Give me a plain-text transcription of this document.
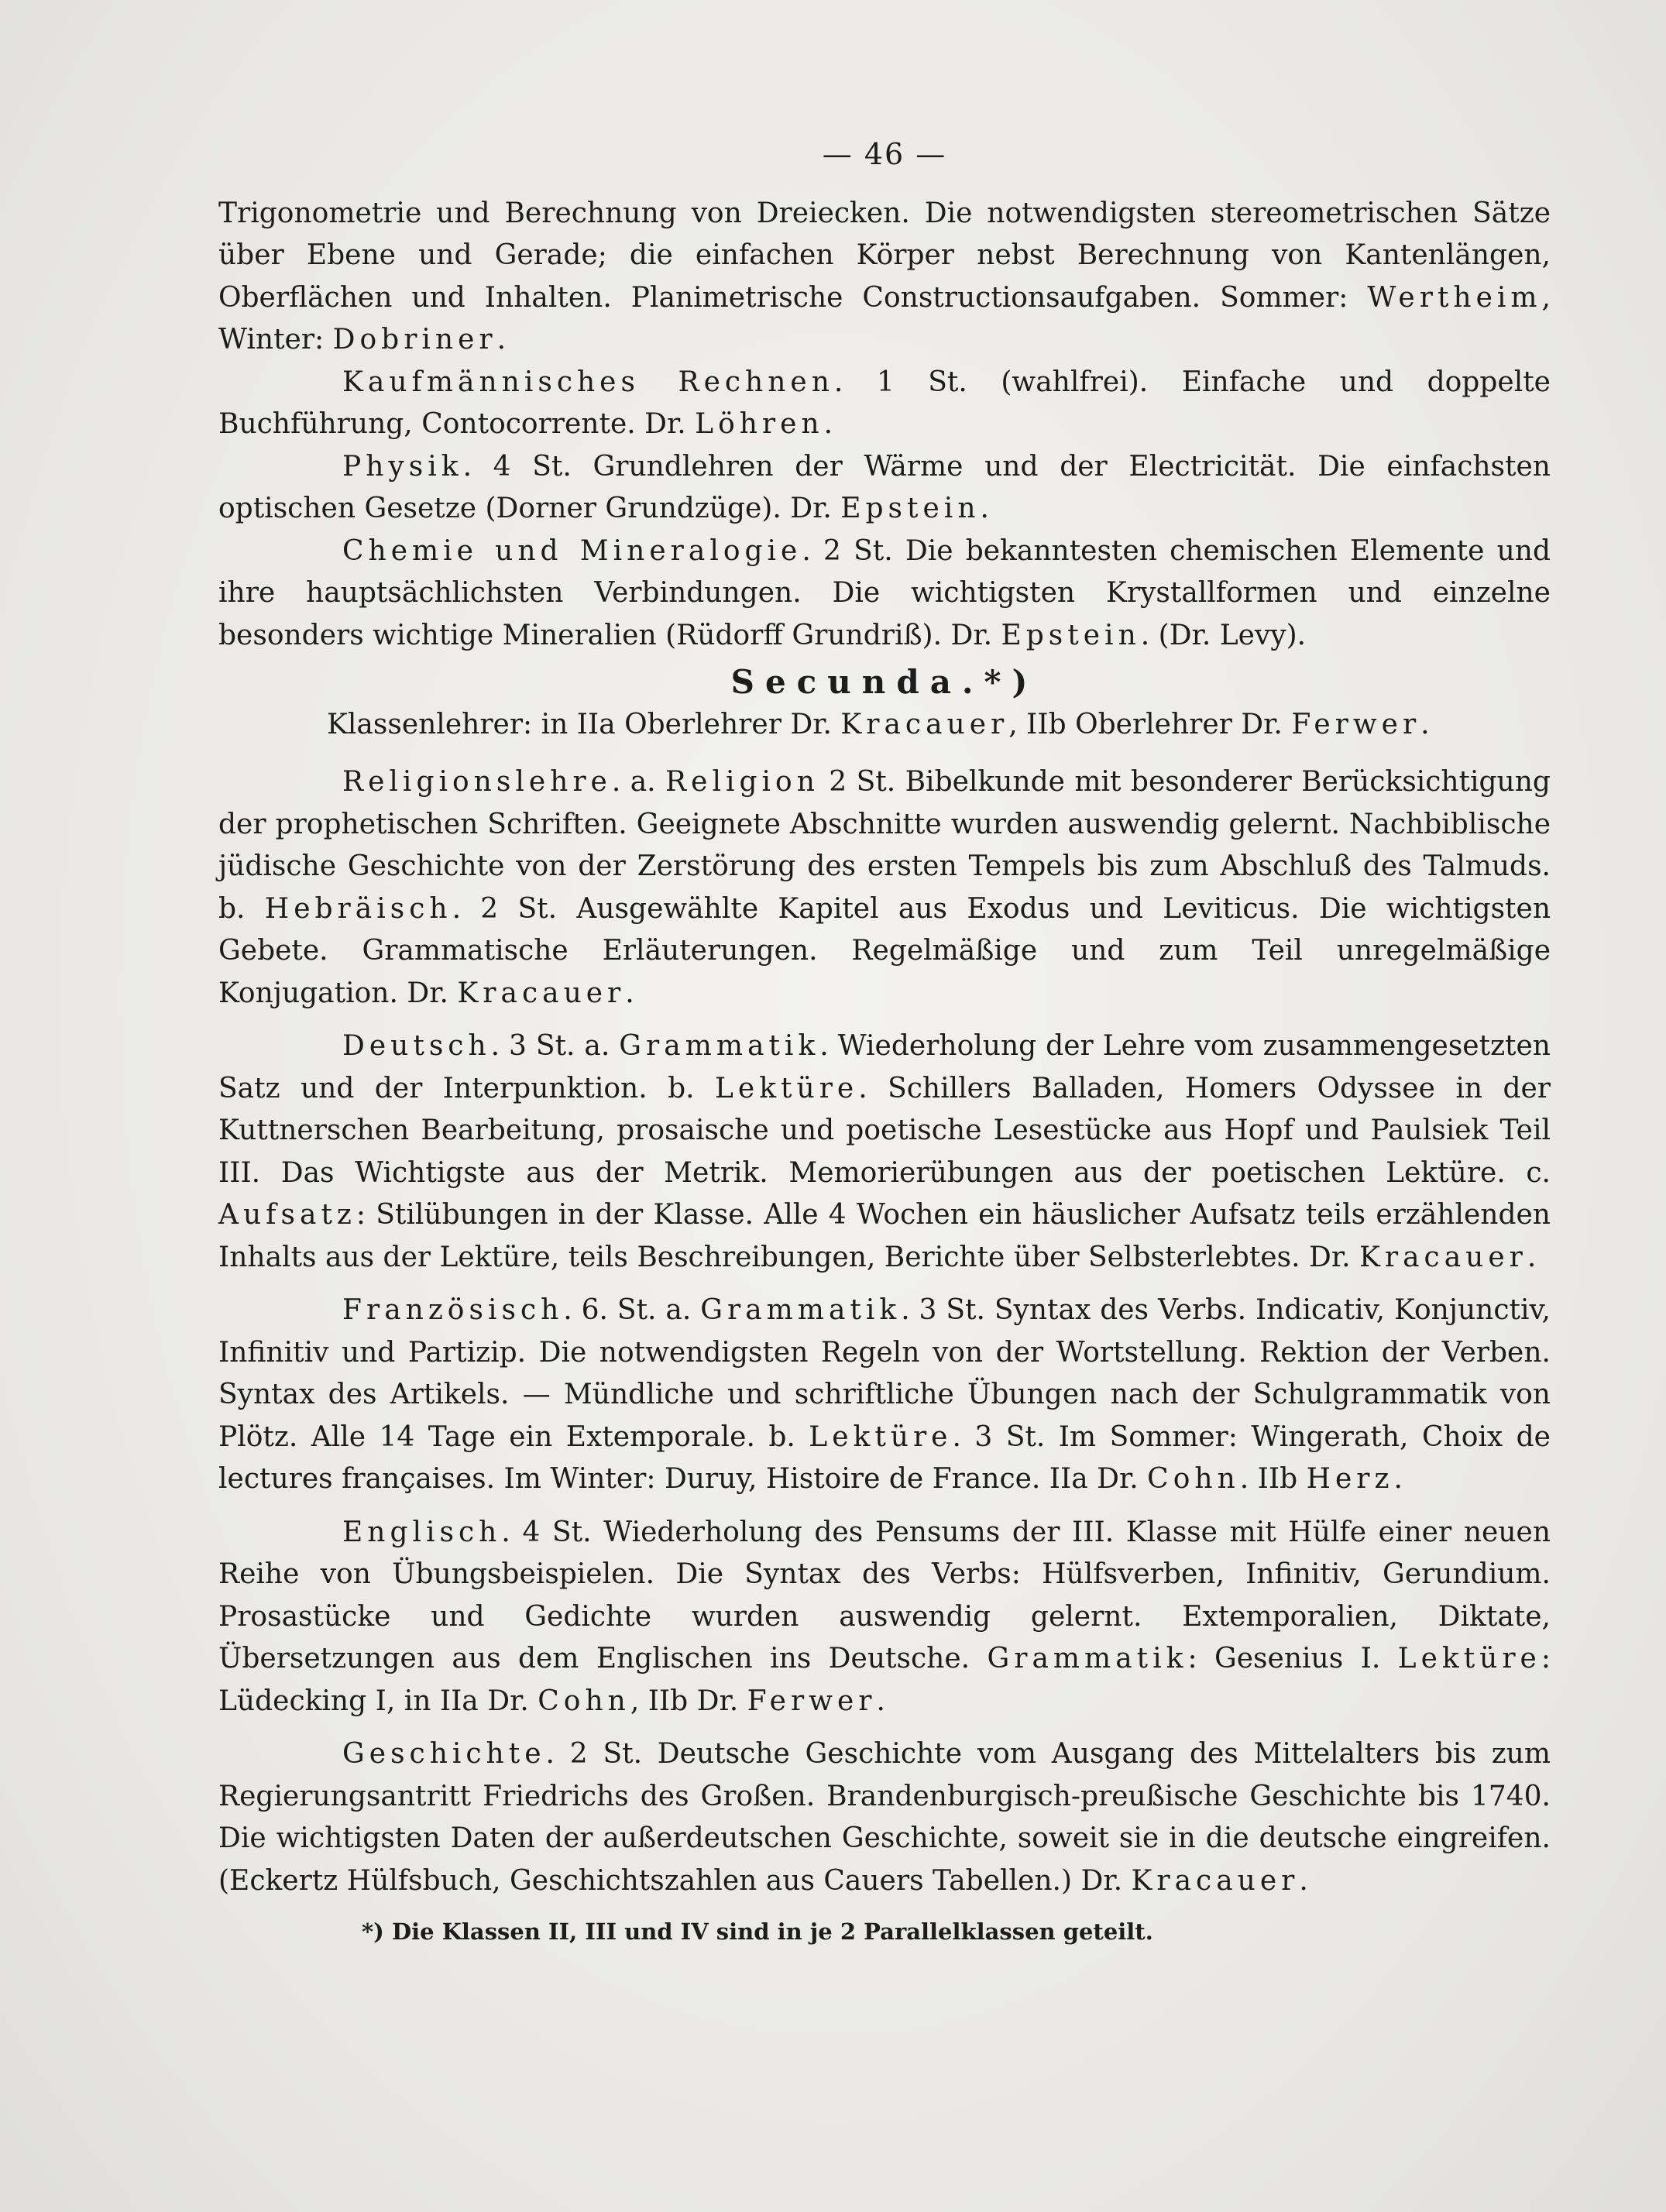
— 46 —

Trigonometrie und Berechnung von Dreiecken. Die notwendigsten stereometrischen Sätze über Ebene und Gerade; die einfachen Körper nebst Berechnung von Kantenlängen, Oberflächen und Inhalten. Planimetrische Constructionsaufgaben. Sommer: Wertheim, Winter: Dobriner.

Kaufmännisches Rechnen. 1 St. (wahlfrei). Einfache und doppelte Buchführung, Contocorrente. Dr. Löhren.

Physik. 4 St. Grundlehren der Wärme und der Electricität. Die einfachsten optischen Gesetze (Dorner Grundzüge). Dr. Epstein.

Chemie und Mineralogie. 2 St. Die bekanntesten chemischen Elemente und ihre hauptsächlichsten Verbindungen. Die wichtigsten Krystallformen und einzelne besonders wichtige Mineralien (Rüdorff Grundriß). Dr. Epstein. (Dr. Levy).

Secunda.*)

Klassenlehrer: in IIa Oberlehrer Dr. Kracauer, IIb Oberlehrer Dr. Ferwer.

Religionslehre. a. Religion 2 St. Bibelkunde mit besonderer Berücksichtigung der prophetischen Schriften. Geeignete Abschnitte wurden auswendig gelernt. Nachbiblische jüdische Geschichte von der Zerstörung des ersten Tempels bis zum Abschluß des Talmuds. b. Hebräisch. 2 St. Ausgewählte Kapitel aus Exodus und Leviticus. Die wichtigsten Gebete. Grammatische Erläuterungen. Regelmäßige und zum Teil unregelmäßige Konjugation. Dr. Kracauer.

Deutsch. 3 St. a. Grammatik. Wiederholung der Lehre vom zusammengesetzten Satz und der Interpunktion. b. Lektüre. Schillers Balladen, Homers Odyssee in der Kuttnerschen Bearbeitung, prosaische und poetische Lesestücke aus Hopf und Paulsiek Teil III. Das Wichtigste aus der Metrik. Memorierübungen aus der poetischen Lektüre. c. Aufsatz: Stilübungen in der Klasse. Alle 4 Wochen ein häuslicher Aufsatz teils erzählenden Inhalts aus der Lektüre, teils Beschreibungen, Berichte über Selbsterlebtes. Dr. Kracauer.

Französisch. 6. St. a. Grammatik. 3 St. Syntax des Verbs. Indicativ, Konjunctiv, Infinitiv und Partizip. Die notwendigsten Regeln von der Wortstellung. Rektion der Verben. Syntax des Artikels. — Mündliche und schriftliche Übungen nach der Schulgrammatik von Plötz. Alle 14 Tage ein Extemporale. b. Lektüre. 3 St. Im Sommer: Wingerath, Choix de lectures françaises. Im Winter: Duruy, Histoire de France. IIa Dr. Cohn. IIb Herz.

Englisch. 4 St. Wiederholung des Pensums der III. Klasse mit Hülfe einer neuen Reihe von Übungsbeispielen. Die Syntax des Verbs: Hülfsverben, Infinitiv, Gerundium. Prosastücke und Gedichte wurden auswendig gelernt. Extemporalien, Diktate, Übersetzungen aus dem Englischen ins Deutsche. Grammatik: Gesenius I. Lektüre: Lüdecking I, in IIa Dr. Cohn, IIb Dr. Ferwer.

Geschichte. 2 St. Deutsche Geschichte vom Ausgang des Mittelalters bis zum Regierungsantritt Friedrichs des Großen. Brandenburgisch-preußische Geschichte bis 1740. Die wichtigsten Daten der außerdeutschen Geschichte, soweit sie in die deutsche eingreifen. (Eckertz Hülfsbuch, Geschichtszahlen aus Cauers Tabellen.) Dr. Kracauer.

*) Die Klassen II, III und IV sind in je 2 Parallelklassen geteilt.
